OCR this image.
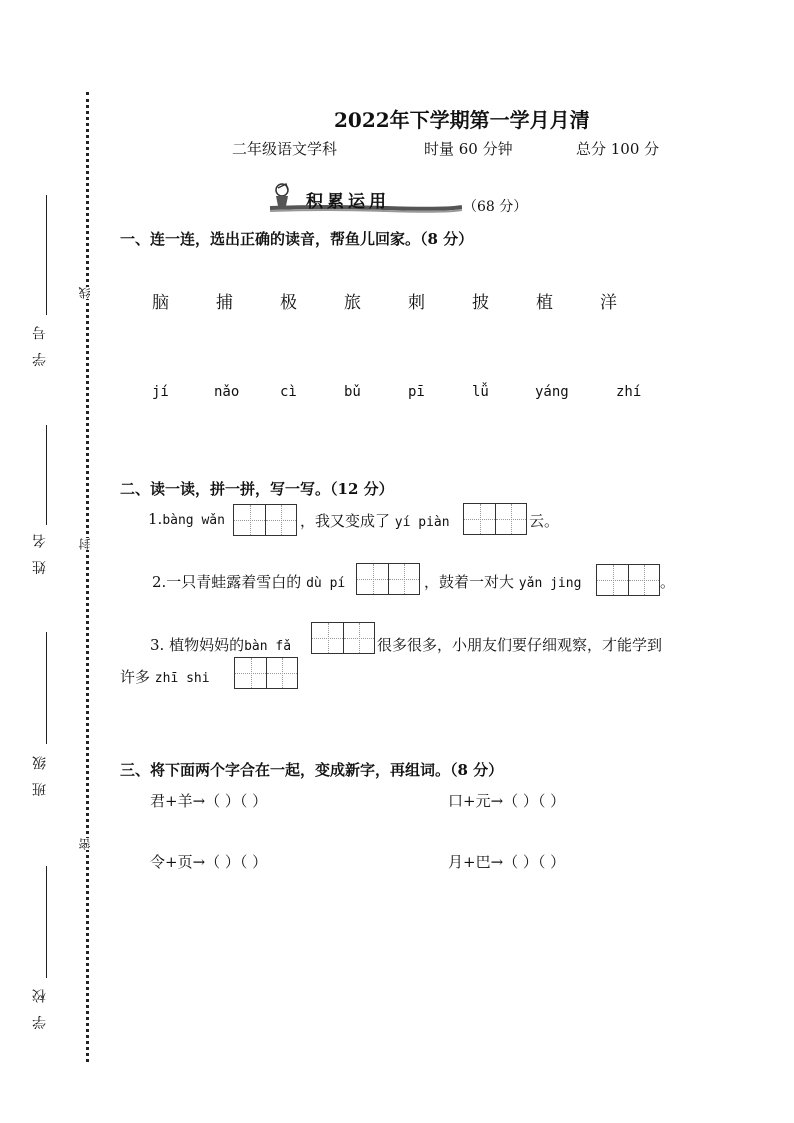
学 号
姓 名
班 级
学 校
线
封
密
2022年下学期第一学月月清
二年级语文学科	时量 60 分钟	总分 100 分
积累运用	（68 分）
一、连一连，选出正确的读音，帮鱼儿回家。（8 分）
脑	捕	极	旅	刺	披	植	洋
jí	nǎo	cì	bǔ	pī	lǚ	yáng	zhí
二、读一读，拼一拼，写一写。（12 分）
1.bàng wǎn	，我又变成了 yí piàn	云。
2.一只青蛙露着雪白的 dù pí	，鼓着一对大 yǎn jing	。
3. 植物妈妈的bàn fǎ	很多很多，小朋友们要仔细观察，才能学到
许多 zhī shi
三、将下面两个字合在一起，变成新字，再组词。（8 分）
君+羊→（ ）（ ）	口+元→（ ）（ ）
令+页→（ ）（ ）	月+巴→（ ）（ ）
